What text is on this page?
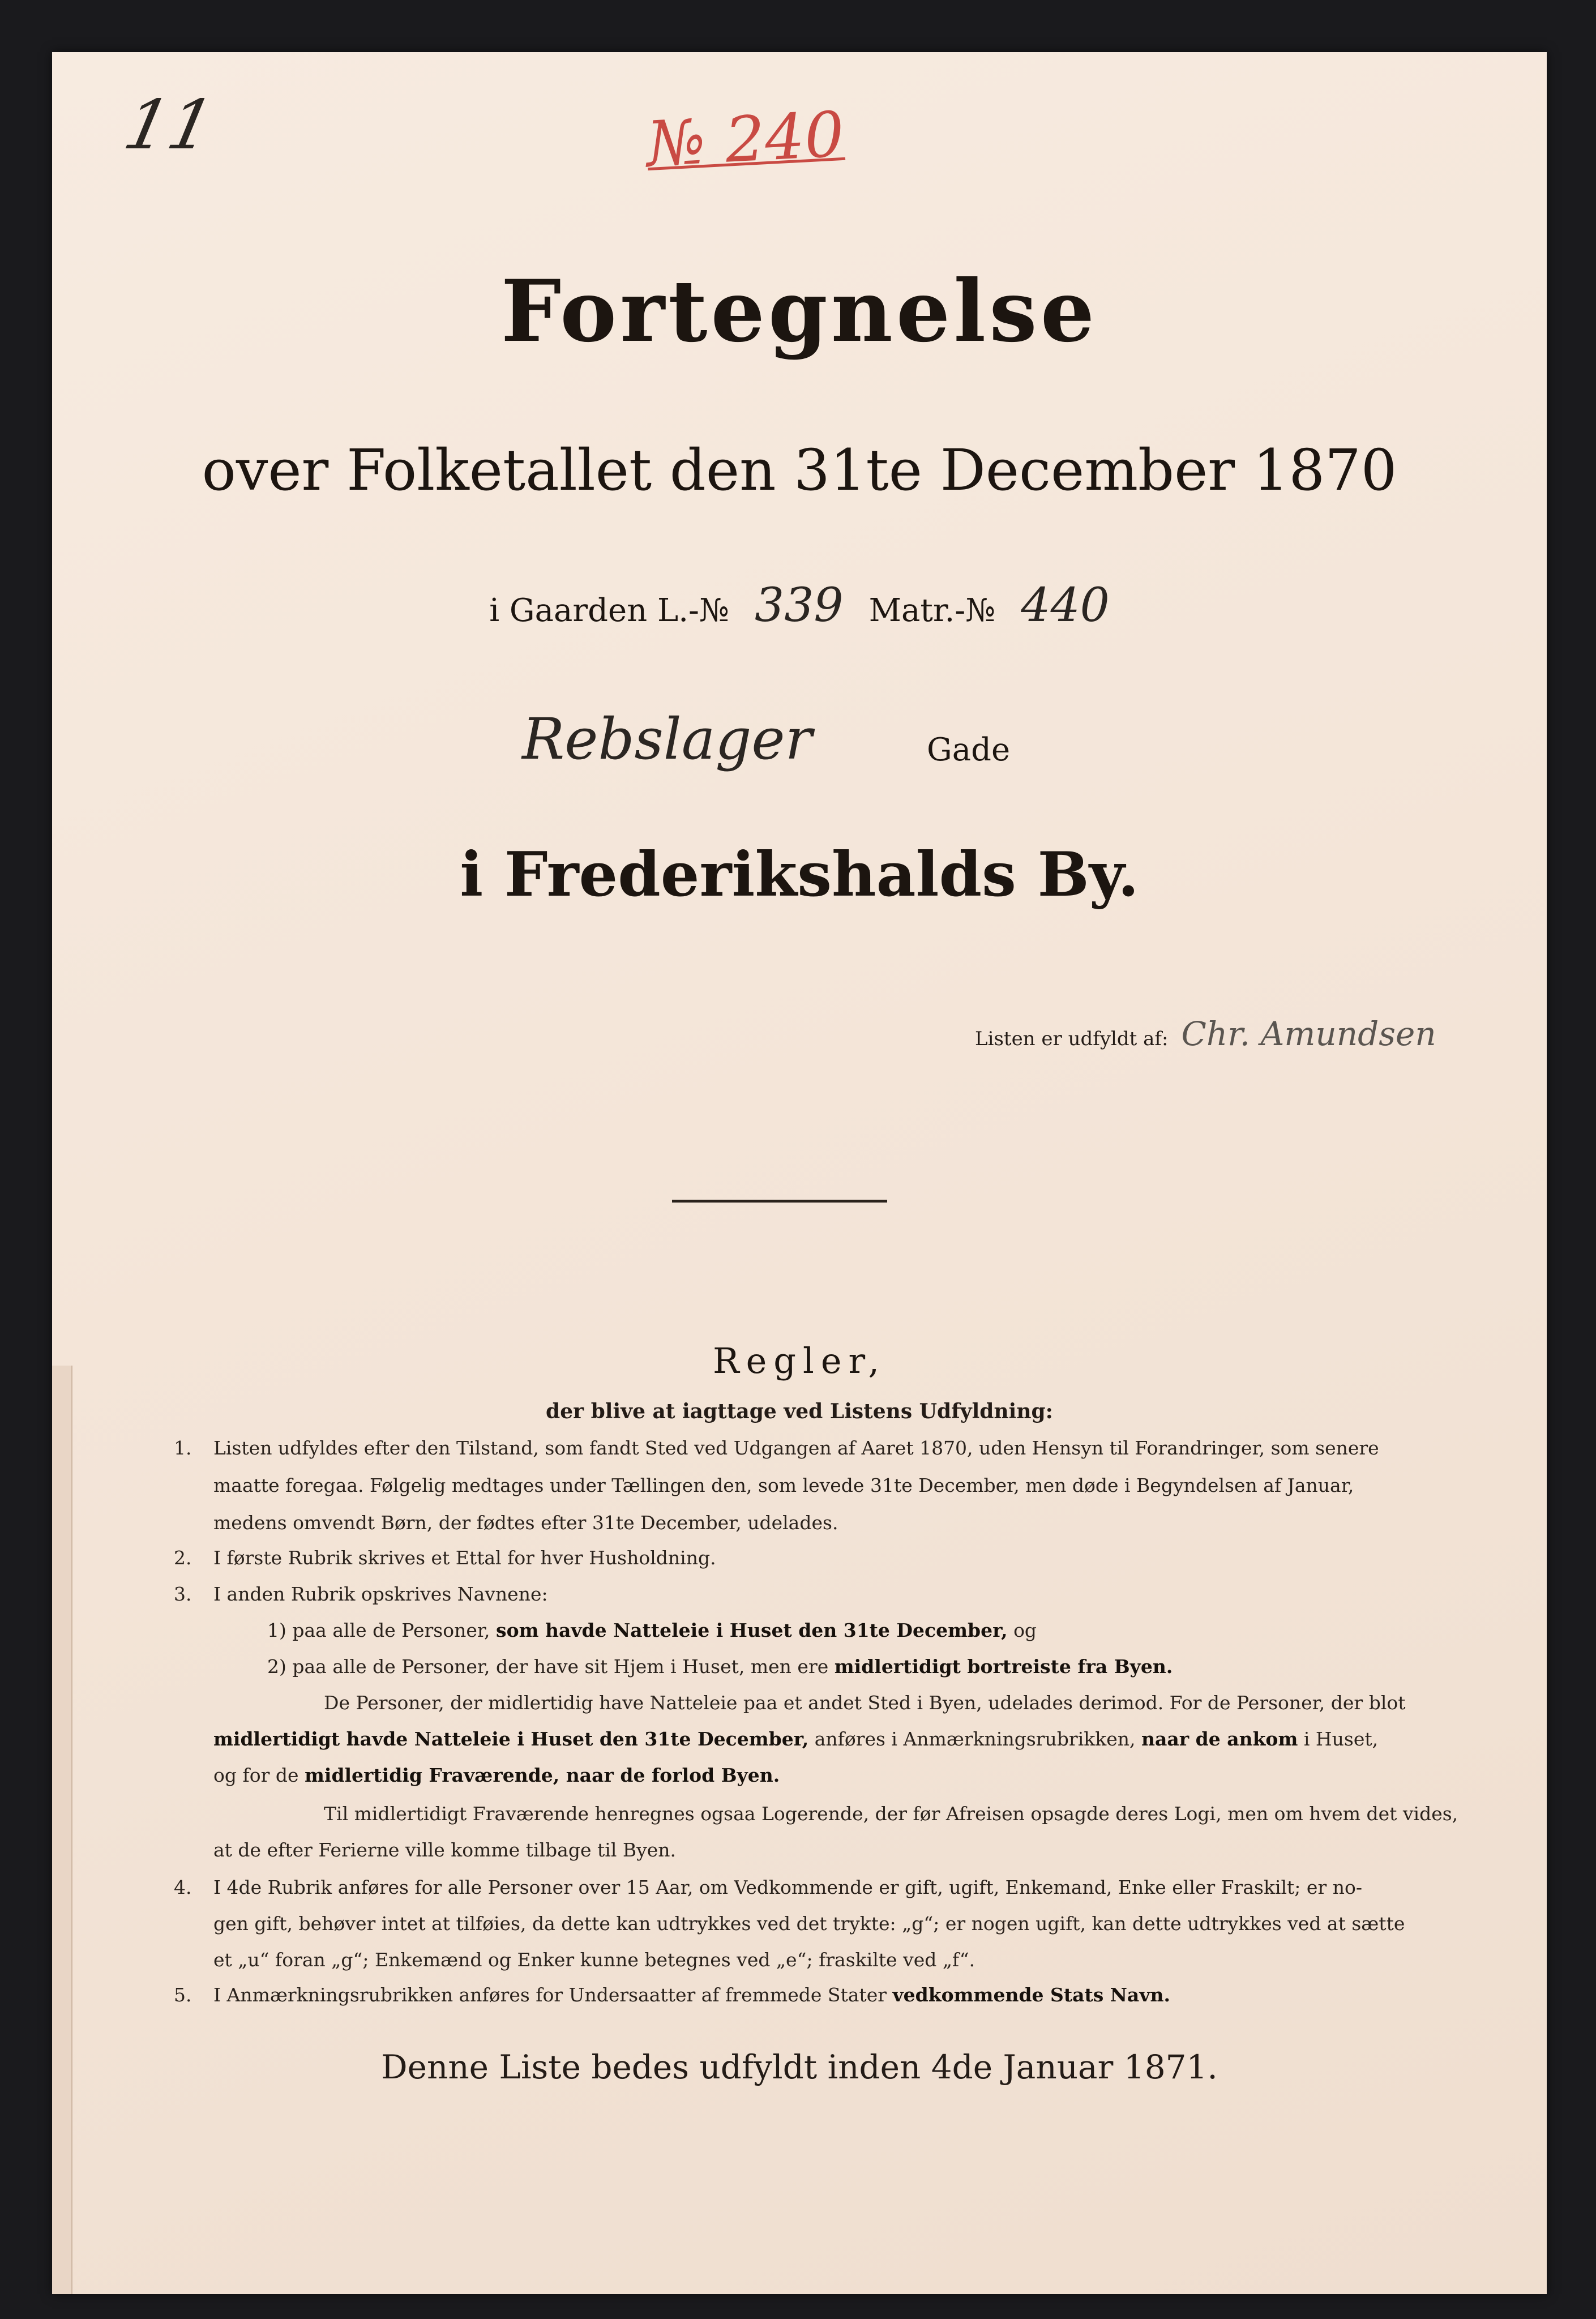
11	№ 240
Fortegnelse
over Folketallet den 31te December 1870
i Gaarden L.-№ 339 Matr.-№ 440
Rebslager	Gade
i Frederikshalds By.
Listen er udfyldt af: Chr. Amundsen
Regler,
der blive at iagttage ved Listens Udfyldning:
1. Listen udfyldes efter den Tilstand, som fandt Sted ved Udgangen af Aaret 1870, uden Hensyn til Forandringer, som senere
maatte foregaa. Følgelig medtages under Tællingen den, som levede 31te December, men døde i Begyndelsen af Januar,
medens omvendt Børn, der fødtes efter 31te December, udelades.
2. I første Rubrik skrives et Ettal for hver Husholdning.
3. I anden Rubrik opskrives Navnene:
1) paa alle de Personer, som havde Natteleie i Huset den 31te December, og
2) paa alle de Personer, der have sit Hjem i Huset, men ere midlertidigt bortreiste fra Byen.
De Personer, der midlertidig have Natteleie paa et andet Sted i Byen, udelades derimod. For de Personer, der blot
midlertidigt havde Natteleie i Huset den 31te December, anføres i Anmærkningsrubrikken, naar de ankom i Huset,
og for de midlertidig Fraværende, naar de forlod Byen.
Til midlertidigt Fraværende henregnes ogsaa Logerende, der før Afreisen opsagde deres Logi, men om hvem det vides,
at de efter Ferierne ville komme tilbage til Byen.
4. I 4de Rubrik anføres for alle Personer over 15 Aar, om Vedkommende er gift, ugift, Enkemand, Enke eller Fraskilt; er no-
gen gift, behøver intet at tilføies, da dette kan udtrykkes ved det trykte: „g“; er nogen ugift, kan dette udtrykkes ved at sætte
et „u“ foran „g“; Enkemænd og Enker kunne betegnes ved „e“; fraskilte ved „f“.
5. I Anmærkningsrubrikken anføres for Undersaatter af fremmede Stater vedkommende Stats Navn.
Denne Liste bedes udfyldt inden 4de Januar 1871.
